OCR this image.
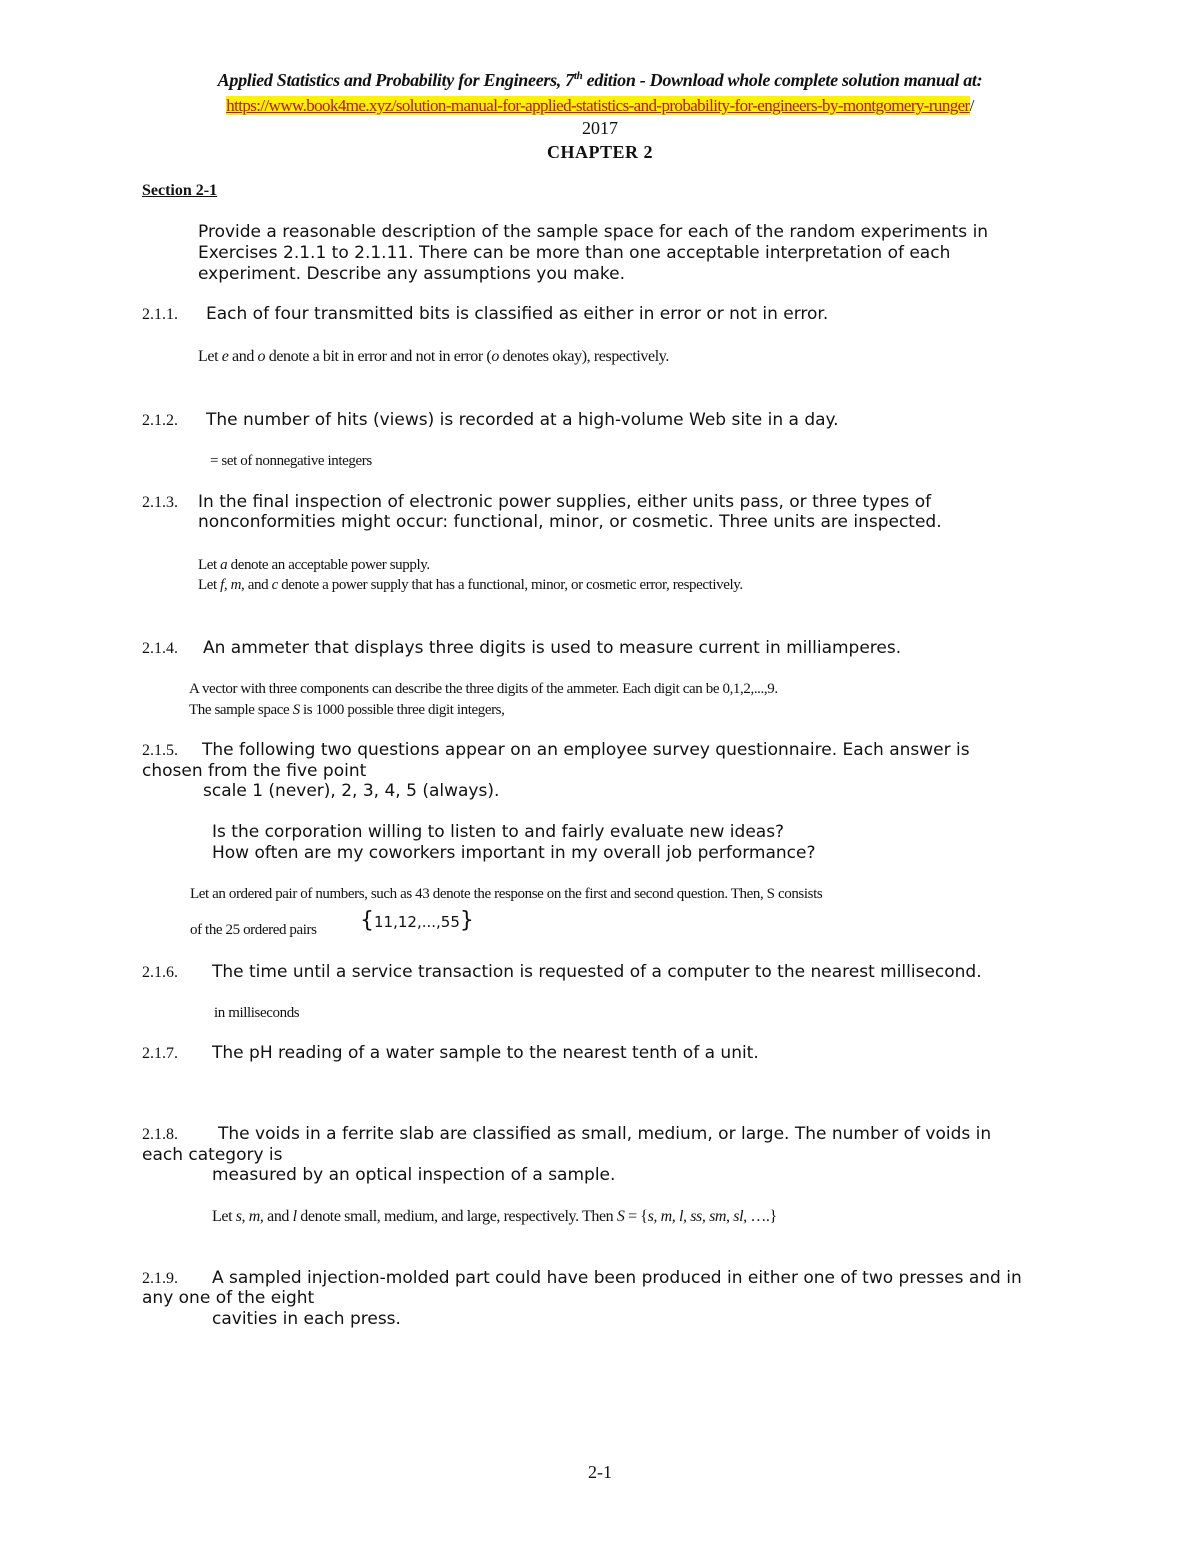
Applied Statistics and Probability for Engineers, 7th edition - Download whole complete solution manual at:
https://www.book4me.xyz/solution-manual-for-applied-statistics-and-probability-for-engineers-by-montgomery-runger/
2017
CHAPTER 2
Section 2-1
Provide a reasonable description of the sample space for each of the random experiments in
Exercises 2.1.1 to 2.1.11. There can be more than one acceptable interpretation of each
experiment. Describe any assumptions you make.
2.1.1. Each of four transmitted bits is classified as either in error or not in error.
Let e and o denote a bit in error and not in error (o denotes okay), respectively.
2.1.2. The number of hits (views) is recorded at a high-volume Web site in a day.
= set of nonnegative integers
2.1.3. In the final inspection of electronic power supplies, either units pass, or three types of
nonconformities might occur: functional, minor, or cosmetic. Three units are inspected.
Let a denote an acceptable power supply.
Let f, m, and c denote a power supply that has a functional, minor, or cosmetic error, respectively.
2.1.4. An ammeter that displays three digits is used to measure current in milliamperes.
A vector with three components can describe the three digits of the ammeter. Each digit can be 0,1,2,...,9.
The sample space S is 1000 possible three digit integers,
2.1.5. The following two questions appear on an employee survey questionnaire. Each answer is
chosen from the five point
scale 1 (never), 2, 3, 4, 5 (always).
Is the corporation willing to listen to and fairly evaluate new ideas?
How often are my coworkers important in my overall job performance?
Let an ordered pair of numbers, such as 43 denote the response on the first and second question. Then, S consists
of the 25 ordered pairs {11,12,...,55}
2.1.6. The time until a service transaction is requested of a computer to the nearest millisecond.
in milliseconds
2.1.7. The pH reading of a water sample to the nearest tenth of a unit.
2.1.8. The voids in a ferrite slab are classified as small, medium, or large. The number of voids in
each category is
measured by an optical inspection of a sample.
Let s, m, and l denote small, medium, and large, respectively. Then S = {s, m, l, ss, sm, sl, ….}
2.1.9. A sampled injection-molded part could have been produced in either one of two presses and in
any one of the eight
cavities in each press.
2-1
